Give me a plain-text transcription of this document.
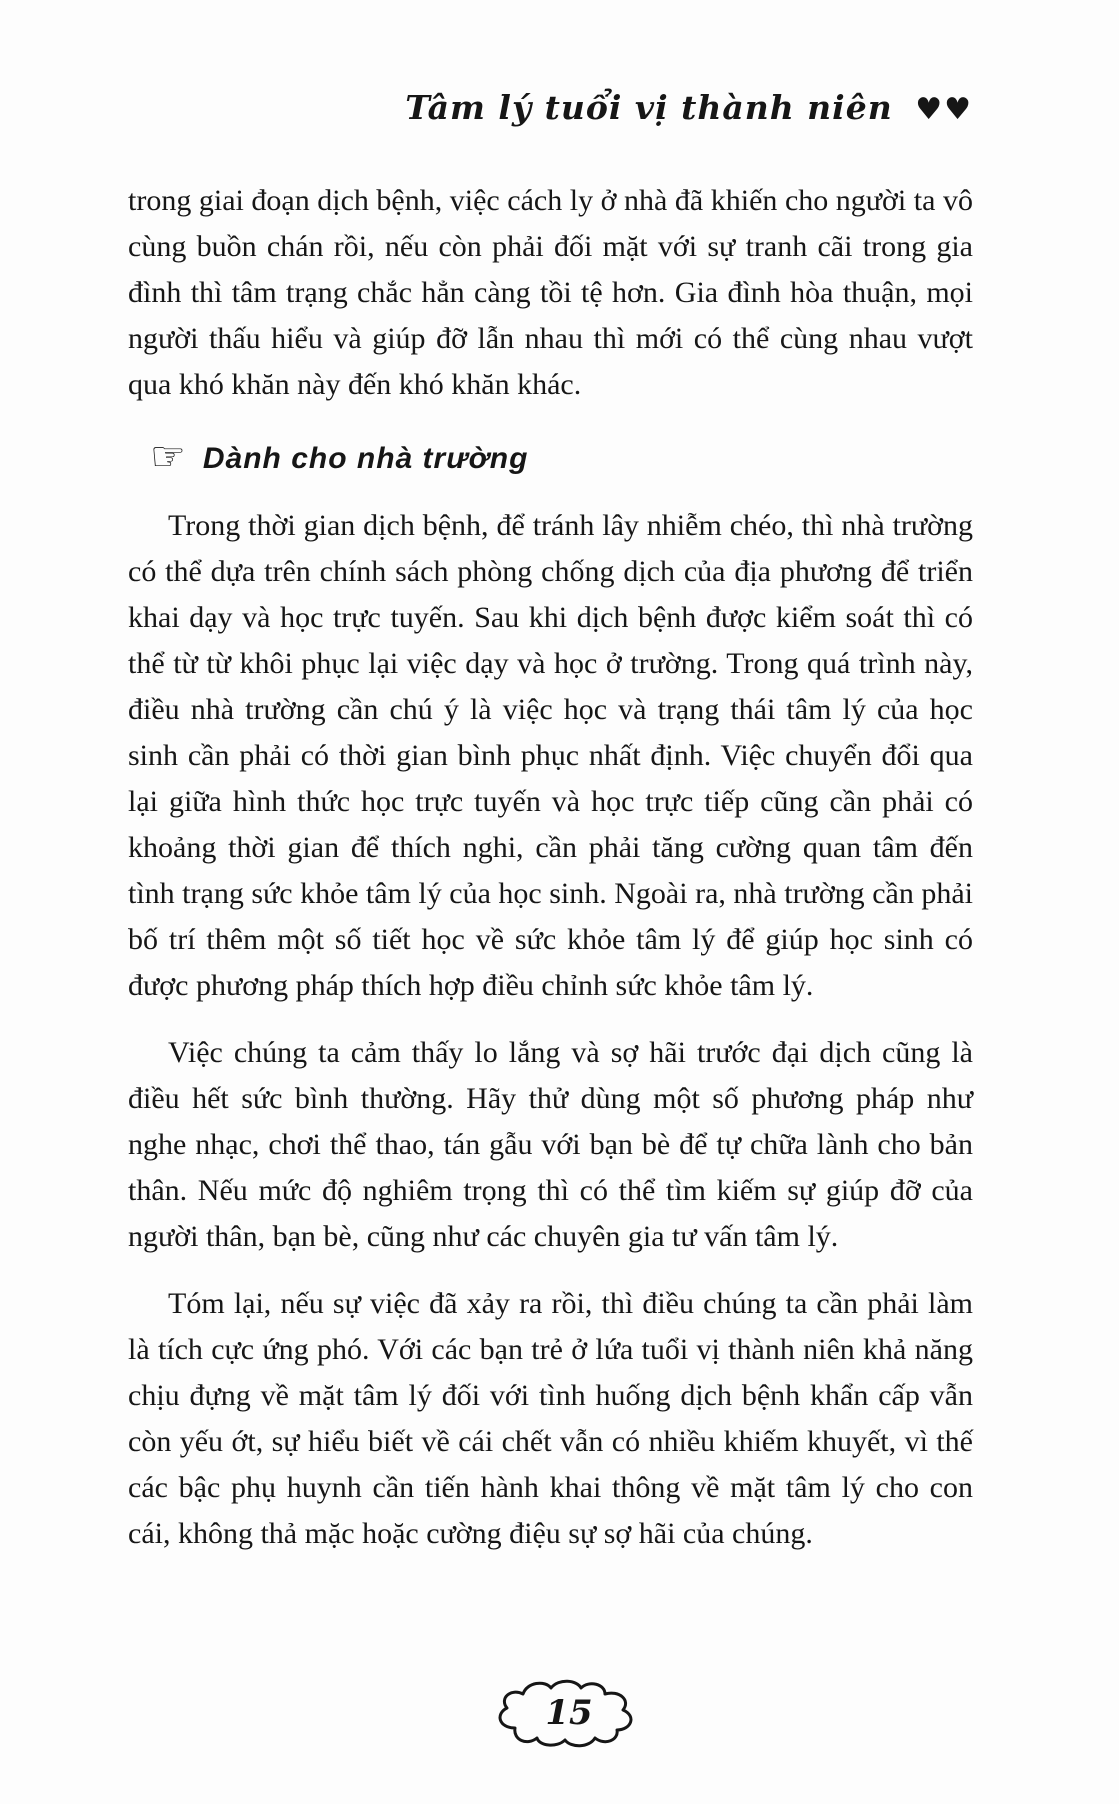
Tâm lý tuổi vị thành niên ♥♥

trong giai đoạn dịch bệnh, việc cách ly ở nhà đã khiến cho người ta vô cùng buồn chán rồi, nếu còn phải đối mặt với sự tranh cãi trong gia đình thì tâm trạng chắc hẳn càng tồi tệ hơn. Gia đình hòa thuận, mọi người thấu hiểu và giúp đỡ lẫn nhau thì mới có thể cùng nhau vượt qua khó khăn này đến khó khăn khác.

☞ Dành cho nhà trường

Trong thời gian dịch bệnh, để tránh lây nhiễm chéo, thì nhà trường có thể dựa trên chính sách phòng chống dịch của địa phương để triển khai dạy và học trực tuyến. Sau khi dịch bệnh được kiểm soát thì có thể từ từ khôi phục lại việc dạy và học ở trường. Trong quá trình này, điều nhà trường cần chú ý là việc học và trạng thái tâm lý của học sinh cần phải có thời gian bình phục nhất định. Việc chuyển đổi qua lại giữa hình thức học trực tuyến và học trực tiếp cũng cần phải có khoảng thời gian để thích nghi, cần phải tăng cường quan tâm đến tình trạng sức khỏe tâm lý của học sinh. Ngoài ra, nhà trường cần phải bố trí thêm một số tiết học về sức khỏe tâm lý để giúp học sinh có được phương pháp thích hợp điều chỉnh sức khỏe tâm lý.

Việc chúng ta cảm thấy lo lắng và sợ hãi trước đại dịch cũng là điều hết sức bình thường. Hãy thử dùng một số phương pháp như nghe nhạc, chơi thể thao, tán gẫu với bạn bè để tự chữa lành cho bản thân. Nếu mức độ nghiêm trọng thì có thể tìm kiếm sự giúp đỡ của người thân, bạn bè, cũng như các chuyên gia tư vấn tâm lý.

Tóm lại, nếu sự việc đã xảy ra rồi, thì điều chúng ta cần phải làm là tích cực ứng phó. Với các bạn trẻ ở lứa tuổi vị thành niên khả năng chịu đựng về mặt tâm lý đối với tình huống dịch bệnh khẩn cấp vẫn còn yếu ớt, sự hiểu biết về cái chết vẫn có nhiều khiếm khuyết, vì thế các bậc phụ huynh cần tiến hành khai thông về mặt tâm lý cho con cái, không thả mặc hoặc cường điệu sự sợ hãi của chúng.

15
